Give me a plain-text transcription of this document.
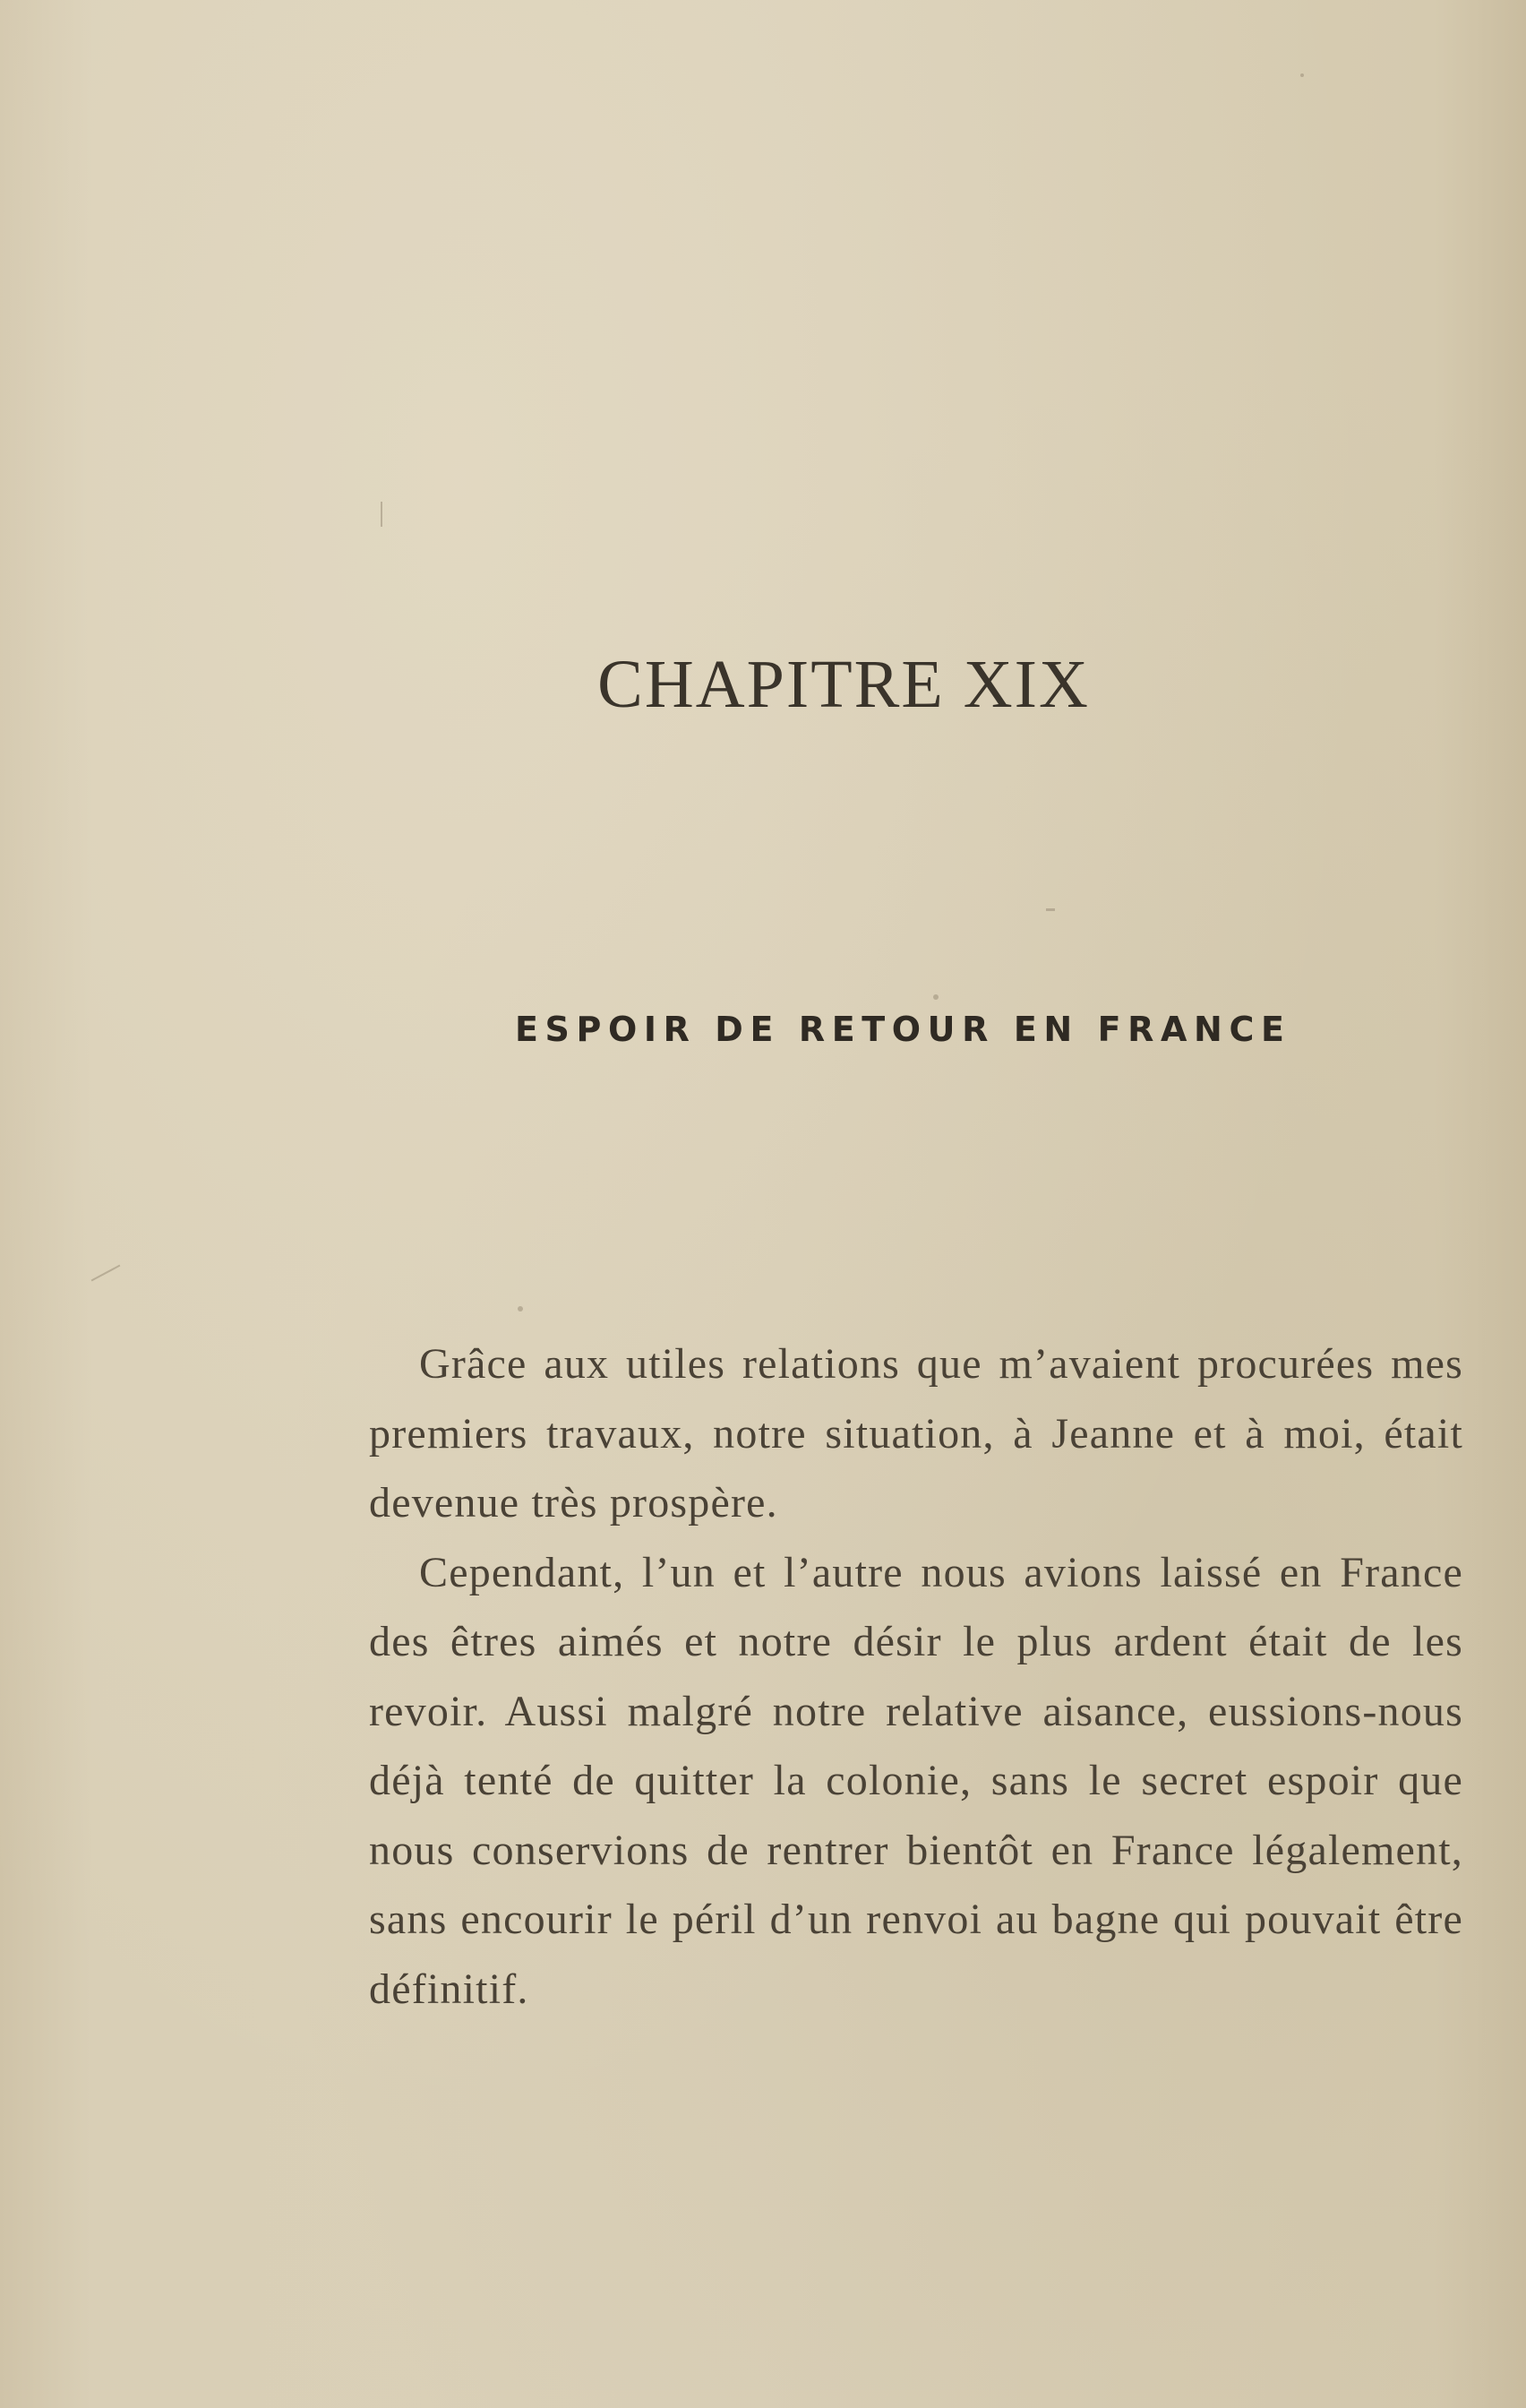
CHAPITRE XIX
ESPOIR DE RETOUR EN FRANCE

Grâce aux utiles relations que m’avaient procurées mes premiers travaux, notre situation, à Jeanne et à moi, était devenue très prospère.

Cependant, l’un et l’autre nous avions laissé en France des êtres aimés et notre désir le plus ardent était de les revoir. Aussi malgré notre relative aisance, eussions-nous déjà tenté de quitter la colonie, sans le secret espoir que nous conservions de rentrer bientôt en France légalement, sans encourir le péril d’un renvoi au bagne qui pouvait être définitif.
